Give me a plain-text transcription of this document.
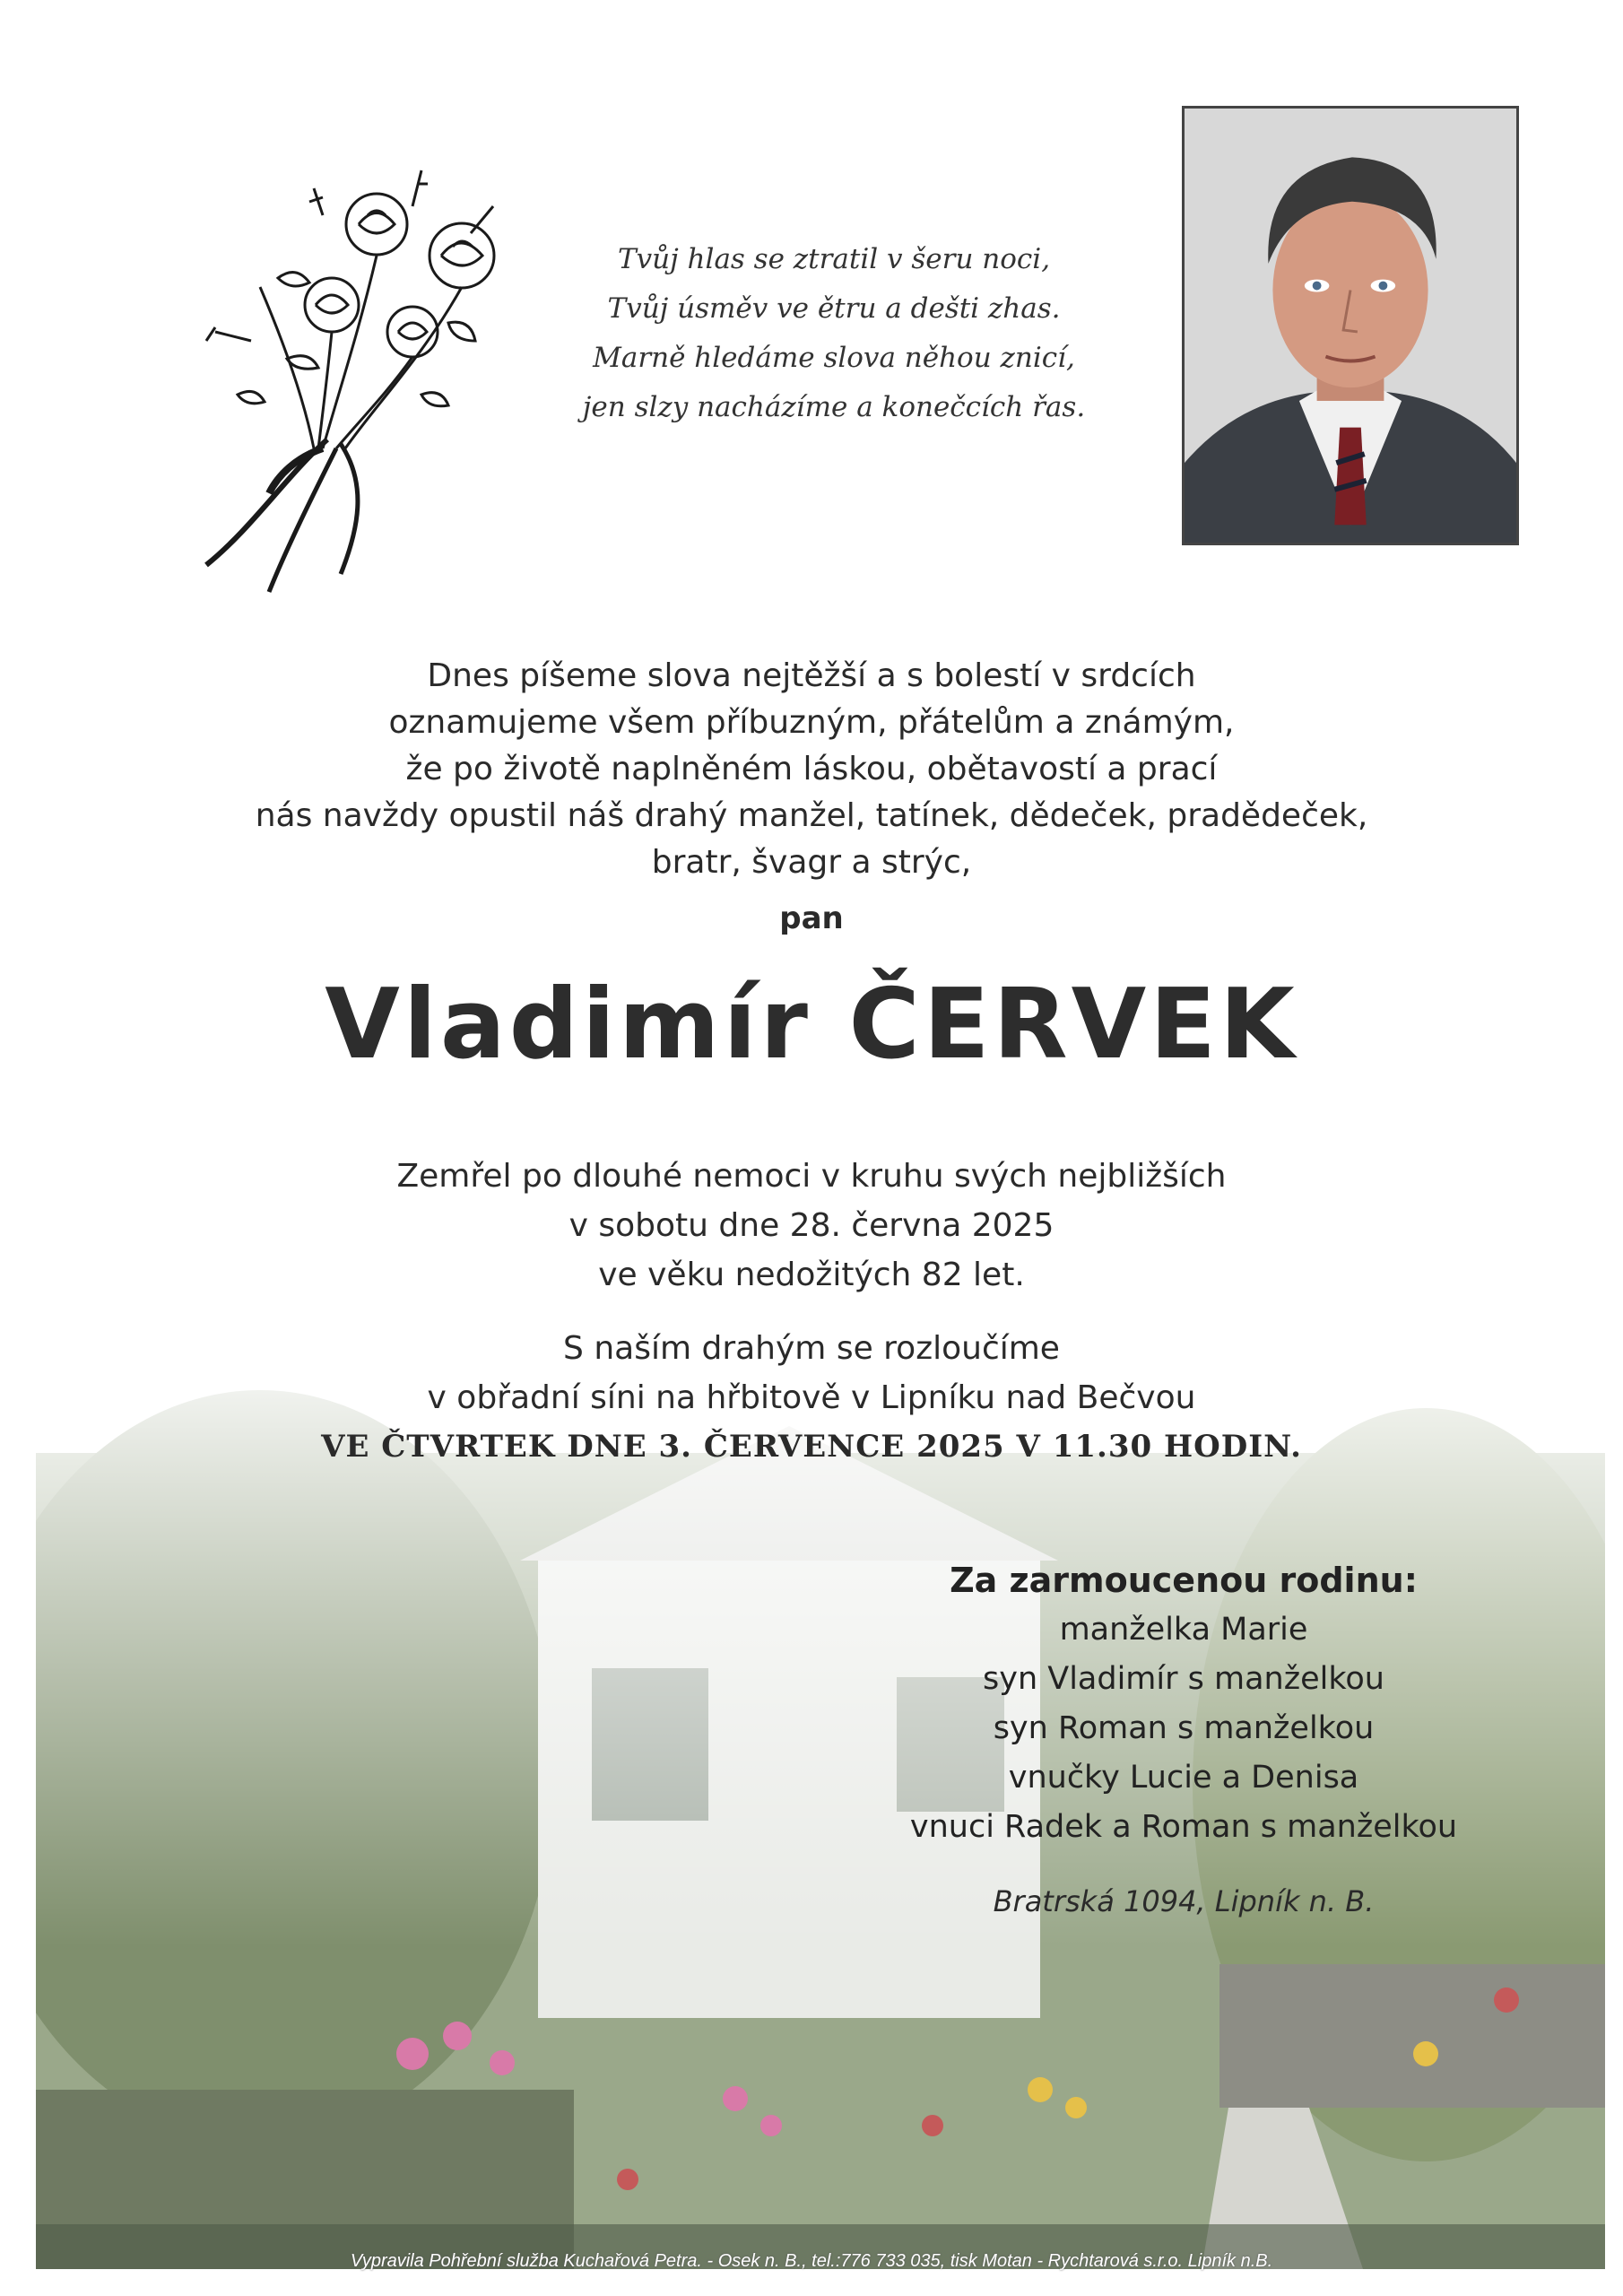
Tvůj hlas se ztratil v šeru noci,
Tvůj úsměv ve ětru a dešti zhas.
Marně hledáme slova něhou znicí,
jen slzy nacházíme a konečcích řas.
Dnes píšeme slova nejtěžší a s bolestí v srdcích
oznamujeme všem příbuzným, přátelům a známým,
že po životě naplněném láskou, obětavostí a prací
nás navždy opustil náš drahý manžel, tatínek, dědeček, pradědeček,
bratr, švagr a strýc,
pan
Vladimír ČERVEK
Zemřel po dlouhé nemoci v kruhu svých nejbližších
v sobotu dne 28. června 2025
ve věku nedožitých 82 let.
S naším drahým se rozloučíme
v obřadní síni na hřbitově v Lipníku nad Bečvou
VE ČTVRTEK DNE 3. ČERVENCE 2025 V 11.30 HODIN.
Za zarmoucenou rodinu:
manželka Marie
syn Vladimír s manželkou
syn Roman s manželkou
vnučky Lucie a Denisa
vnuci Radek a Roman s manželkou
Bratrská 1094, Lipník n. B.
Vypravila Pohřební služba Kuchařová Petra. - Osek n. B., tel.:776 733 035, tisk Motan - Rychtarová s.r.o. Lipník n.B.
